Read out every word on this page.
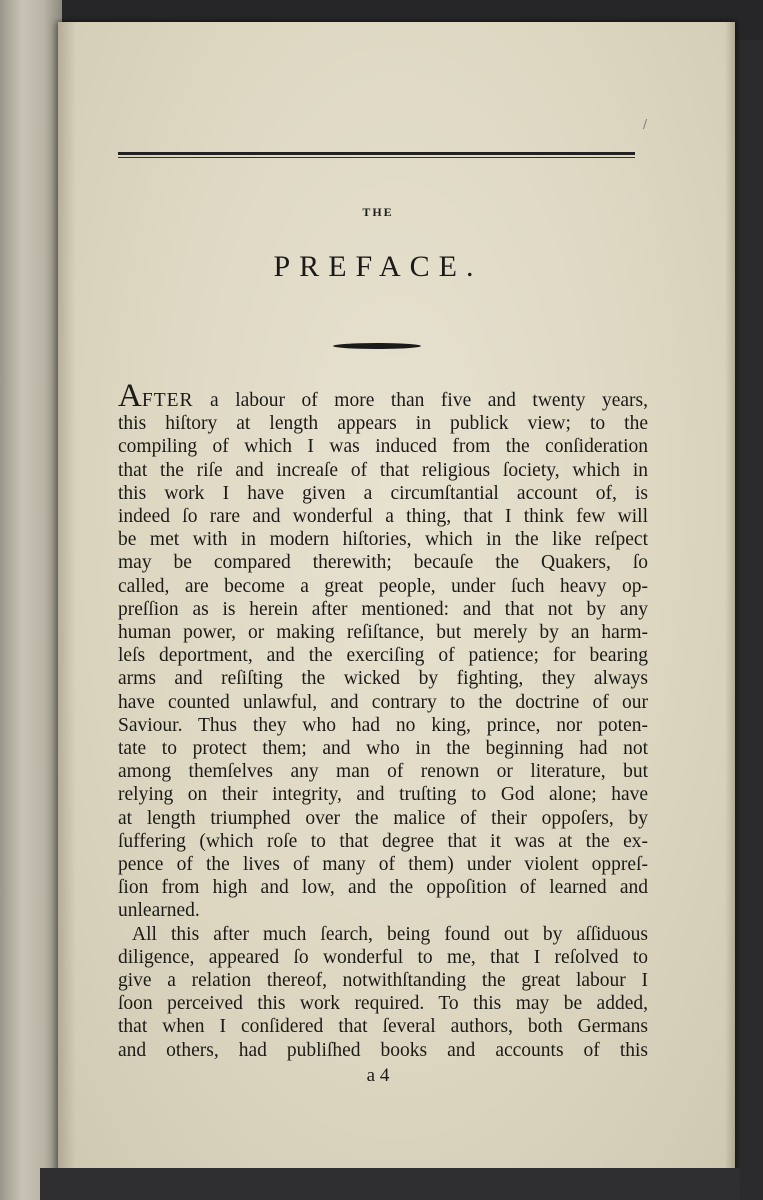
/
THE
PREFACE.
AFTER a labour of more than five and twenty years,
this hiſtory at length appears in publick view; to the
compiling of which I was induced from the conſideration
that the riſe and increaſe of that religious ſociety, which in
this work I have given a circumſtantial account of, is
indeed ſo rare and wonderful a thing, that I think few will
be met with in modern hiſtories, which in the like reſpect
may be compared therewith; becauſe the Quakers, ſo
called, are become a great people, under ſuch heavy op-
preſſion as is herein after mentioned: and that not by any
human power, or making reſiſtance, but merely by an harm-
leſs deportment, and the exerciſing of patience; for bearing
arms and reſiſting the wicked by fighting, they always
have counted unlawful, and contrary to the doctrine of our
Saviour. Thus they who had no king, prince, nor poten-
tate to protect them; and who in the beginning had not
among themſelves any man of renown or literature, but
relying on their integrity, and truſting to God alone; have
at length triumphed over the malice of their oppoſers, by
ſuffering (which roſe to that degree that it was at the ex-
pence of the lives of many of them) under violent oppreſ-
ſion from high and low, and the oppoſition of learned and
unlearned.
All this after much ſearch, being found out by aſſiduous
diligence, appeared ſo wonderful to me, that I reſolved to
give a relation thereof, notwithſtanding the great labour I
ſoon perceived this work required. To this may be added,
that when I conſidered that ſeveral authors, both Germans
and others, had publiſhed books and accounts of this
a 4
